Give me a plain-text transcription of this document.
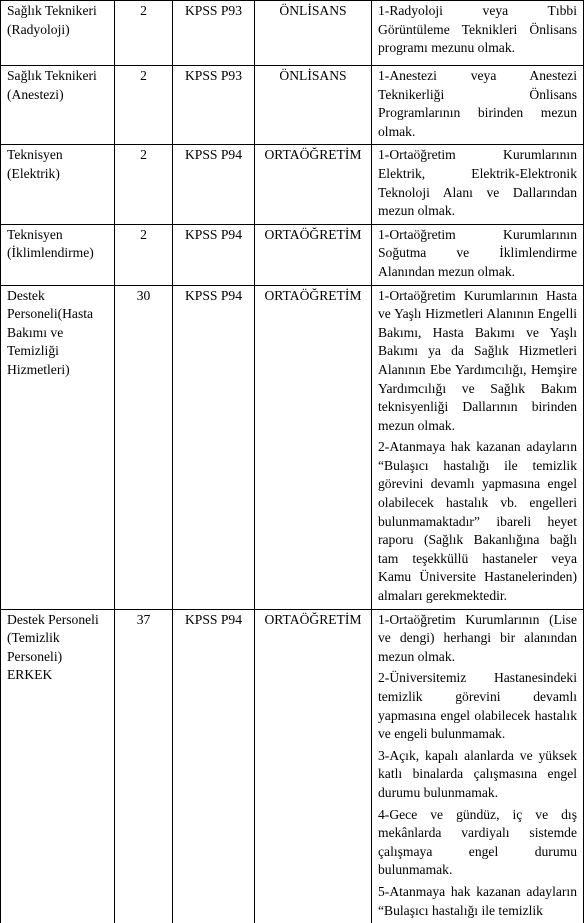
Sağlık Teknikeri (Radyoloji)	2	KPSS P93	ÖNLİSANS	1-Radyoloji veya Tıbbi Görüntüleme Teknikleri Önlisans programı mezunu olmak.

Sağlık Teknikeri (Anestezi)	2	KPSS P93	ÖNLİSANS	1-Anestezi veya Anestezi Teknikerliği Önlisans Programlarının birinden mezun olmak.

Teknisyen (Elektrik)	2	KPSS P94	ORTAÖĞRETİM	1-Ortaöğretim Kurumlarının Elektrik, Elektrik-Elektronik Teknoloji Alanı ve Dallarından mezun olmak.

Teknisyen (İklimlendirme)	2	KPSS P94	ORTAÖĞRETİM	1-Ortaöğretim Kurumlarının Soğutma ve İklimlendirme Alanından mezun olmak.

Destek Personeli(Hasta Bakımı ve Temizliği Hizmetleri)	30	KPSS P94	ORTAÖĞRETİM	1-Ortaöğretim Kurumlarının Hasta ve Yaşlı Hizmetleri Alanının Engelli Bakımı, Hasta Bakımı ve Yaşlı Bakımı ya da Sağlık Hizmetleri Alanının Ebe Yardımcılığı, Hemşire Yardımcılığı ve Sağlık Bakım teknisyenliği Dallarının birinden mezun olmak.

2-Atanmaya hak kazanan adayların “Bulaşıcı hastalığı ile temizlik görevini devamlı yapmasına engel olabilecek hastalık vb. engelleri bulunmamaktadır” ibareli heyet raporu (Sağlık Bakanlığına bağlı tam teşekküllü hastaneler veya Kamu Üniversite Hastanelerinden) almaları gerekmektedir.

Destek Personeli (Temizlik Personeli) ERKEK	37	KPSS P94	ORTAÖĞRETİM	1-Ortaöğretim Kurumlarının (Lise ve dengi) herhangi bir alanından mezun olmak.

2-Üniversitemiz Hastanesindeki temizlik görevini devamlı yapmasına engel olabilecek hastalık ve engeli bulunmamak.

3-Açık, kapalı alanlarda ve yüksek katlı binalarda çalışmasına engel durumu bulunmamak.

4-Gece ve gündüz, iç ve dış mekânlarda vardiyalı sistemde çalışmaya engel durumu bulunmamak.

5-Atanmaya hak kazanan adayların “Bulaşıcı hastalığı ile temizlik
